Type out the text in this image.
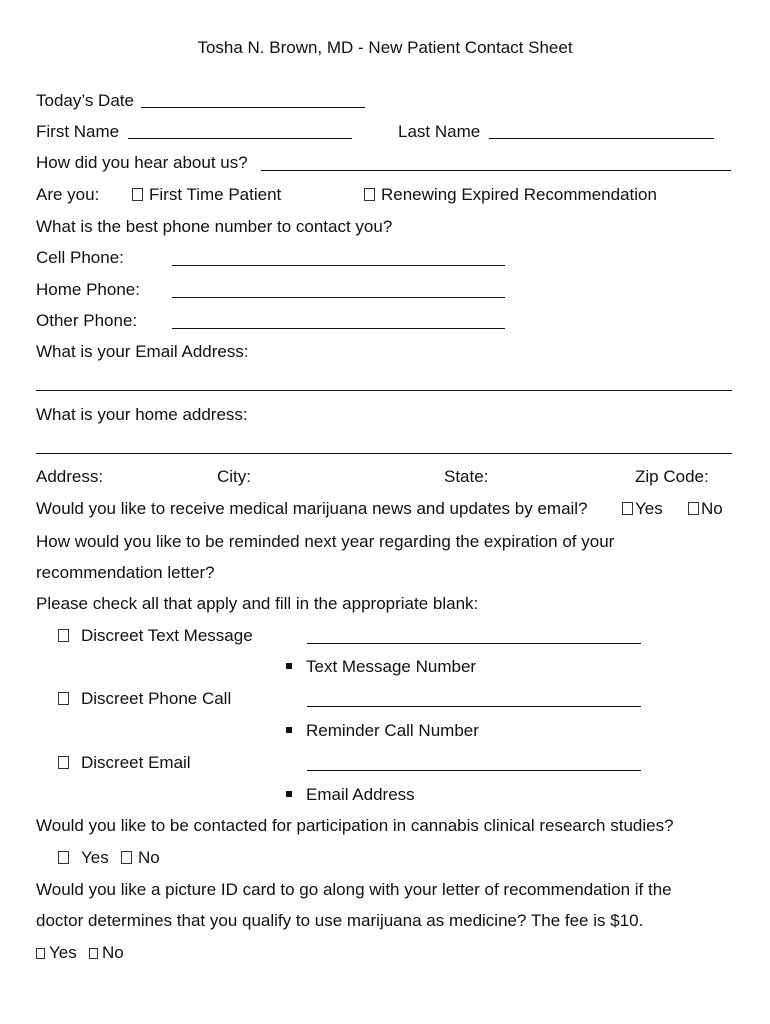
Tosha N. Brown, MD - New Patient Contact Sheet
Today’s Date
First Name	Last Name
How did you hear about us?
Are you:	First Time Patient	Renewing Expired Recommendation
What is the best phone number to contact you?
Cell Phone:
Home Phone:
Other Phone:
What is your Email Address:
What is your home address:
Address:	City:	State:	Zip Code:
Would you like to receive medical marijuana news and updates by email?	Yes	No
How would you like to be reminded next year regarding the expiration of your
recommendation letter?
Please check all that apply and fill in the appropriate blank:
Discreet Text Message
Text Message Number
Discreet Phone Call
Reminder Call Number
Discreet Email
Email Address
Would you like to be contacted for participation in cannabis clinical research studies?
Yes	No
Would you like a picture ID card to go along with your letter of recommendation if the
doctor determines that you qualify to use marijuana as medicine? The fee is $10.
Yes	No
